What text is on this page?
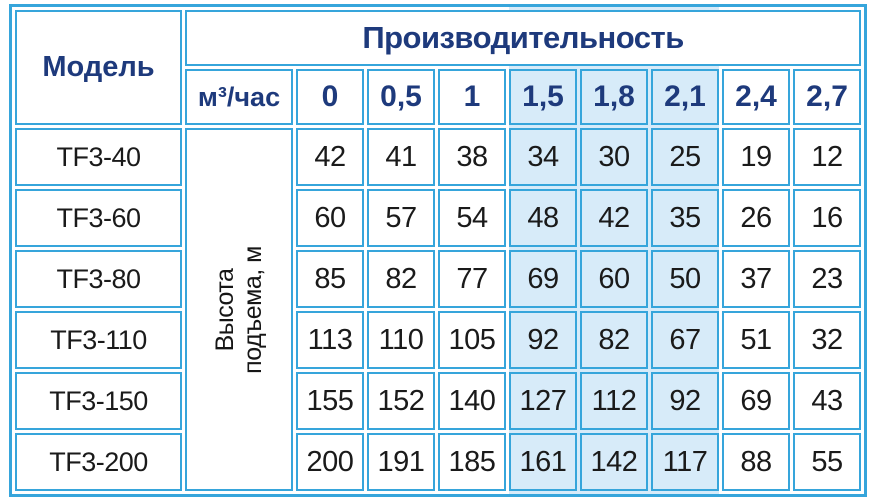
Модель	Производительность								
	м³/час	0	0,5	1	1,5	1,8	2,1	2,4	2,7
TF3-40	Высота подъема, м	42	41	38	34	30	25	19	12
TF3-60		60	57	54	48	42	35	26	16
TF3-80		85	82	77	69	60	50	37	23
TF3-110		113	110	105	92	82	67	51	32
TF3-150		155	152	140	127	112	92	69	43
TF3-200		200	191	185	161	142	117	88	55
